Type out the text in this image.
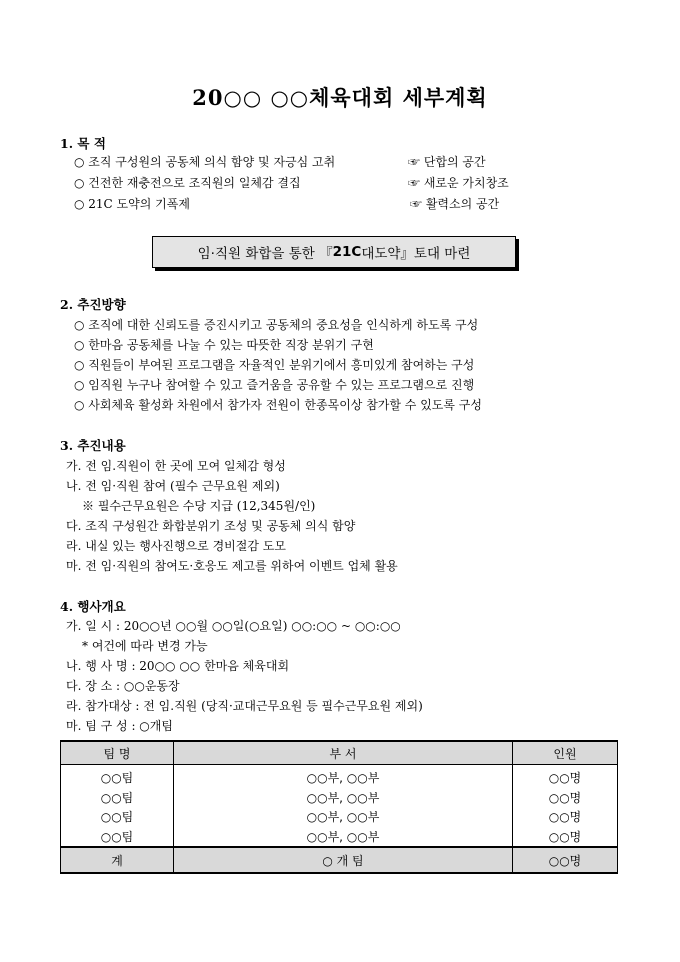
20○○ ○○체육대회 세부계획
1. 목 적
○ 조직 구성원의 공동체 의식 함양 및 자긍심 고취	☞ 단합의 공간
○ 건전한 재충전으로 조직원의 일체감 결집	☞ 새로운 가치창조
○ 21C 도약의 기폭제	☞ 활력소의 공간
임·직원 화합을 통한 『 21C 대도약』토대 마련
2. 추진방향
○ 조직에 대한 신뢰도를 증진시키고 공동체의 중요성을 인식하게 하도록 구성
○ 한마음 공동체를 나눌 수 있는 따뜻한 직장 분위기 구현
○ 직원들이 부여된 프로그램을 자율적인 분위기에서 흥미있게 참여하는 구성
○ 임직원 누구나 참여할 수 있고 즐거움을 공유할 수 있는 프로그램으로 진행
○ 사회체육 활성화 차원에서 참가자 전원이 한종목이상 참가할 수 있도록 구성
3. 추진내용
가. 전 임.직원이 한 곳에 모여 일체감 형성
나. 전 임·직원 참여 (필수 근무요원 제외)
※ 필수근무요원은 수당 지급 (12,345원/인)
다. 조직 구성원간 화합분위기 조성 및 공동체 의식 함양
라. 내실 있는 행사진행으로 경비절감 도모
마. 전 임·직원의 참여도·호응도 제고를 위하여 이벤트 업체 활용
4. 행사개요
가. 일 시 : 20○○년 ○○월 ○○일(○요일) ○○:○○ ~ ○○:○○
* 여건에 따라 변경 가능
나. 행 사 명 : 20○○ ○○ 한마음 체육대회
다. 장 소 : ○○운동장
라. 참가대상 : 전 임.직원 (당직·교대근무요원 등 필수근무요원 제외)
마. 팀 구 성 : ○개팀
팀 명	부 서	인원
○○팀	○○부, ○○부	○○명
○○팀	○○부, ○○부	○○명
○○팀	○○부, ○○부	○○명
○○팀	○○부, ○○부	○○명
계	○ 개 팀	○○명
